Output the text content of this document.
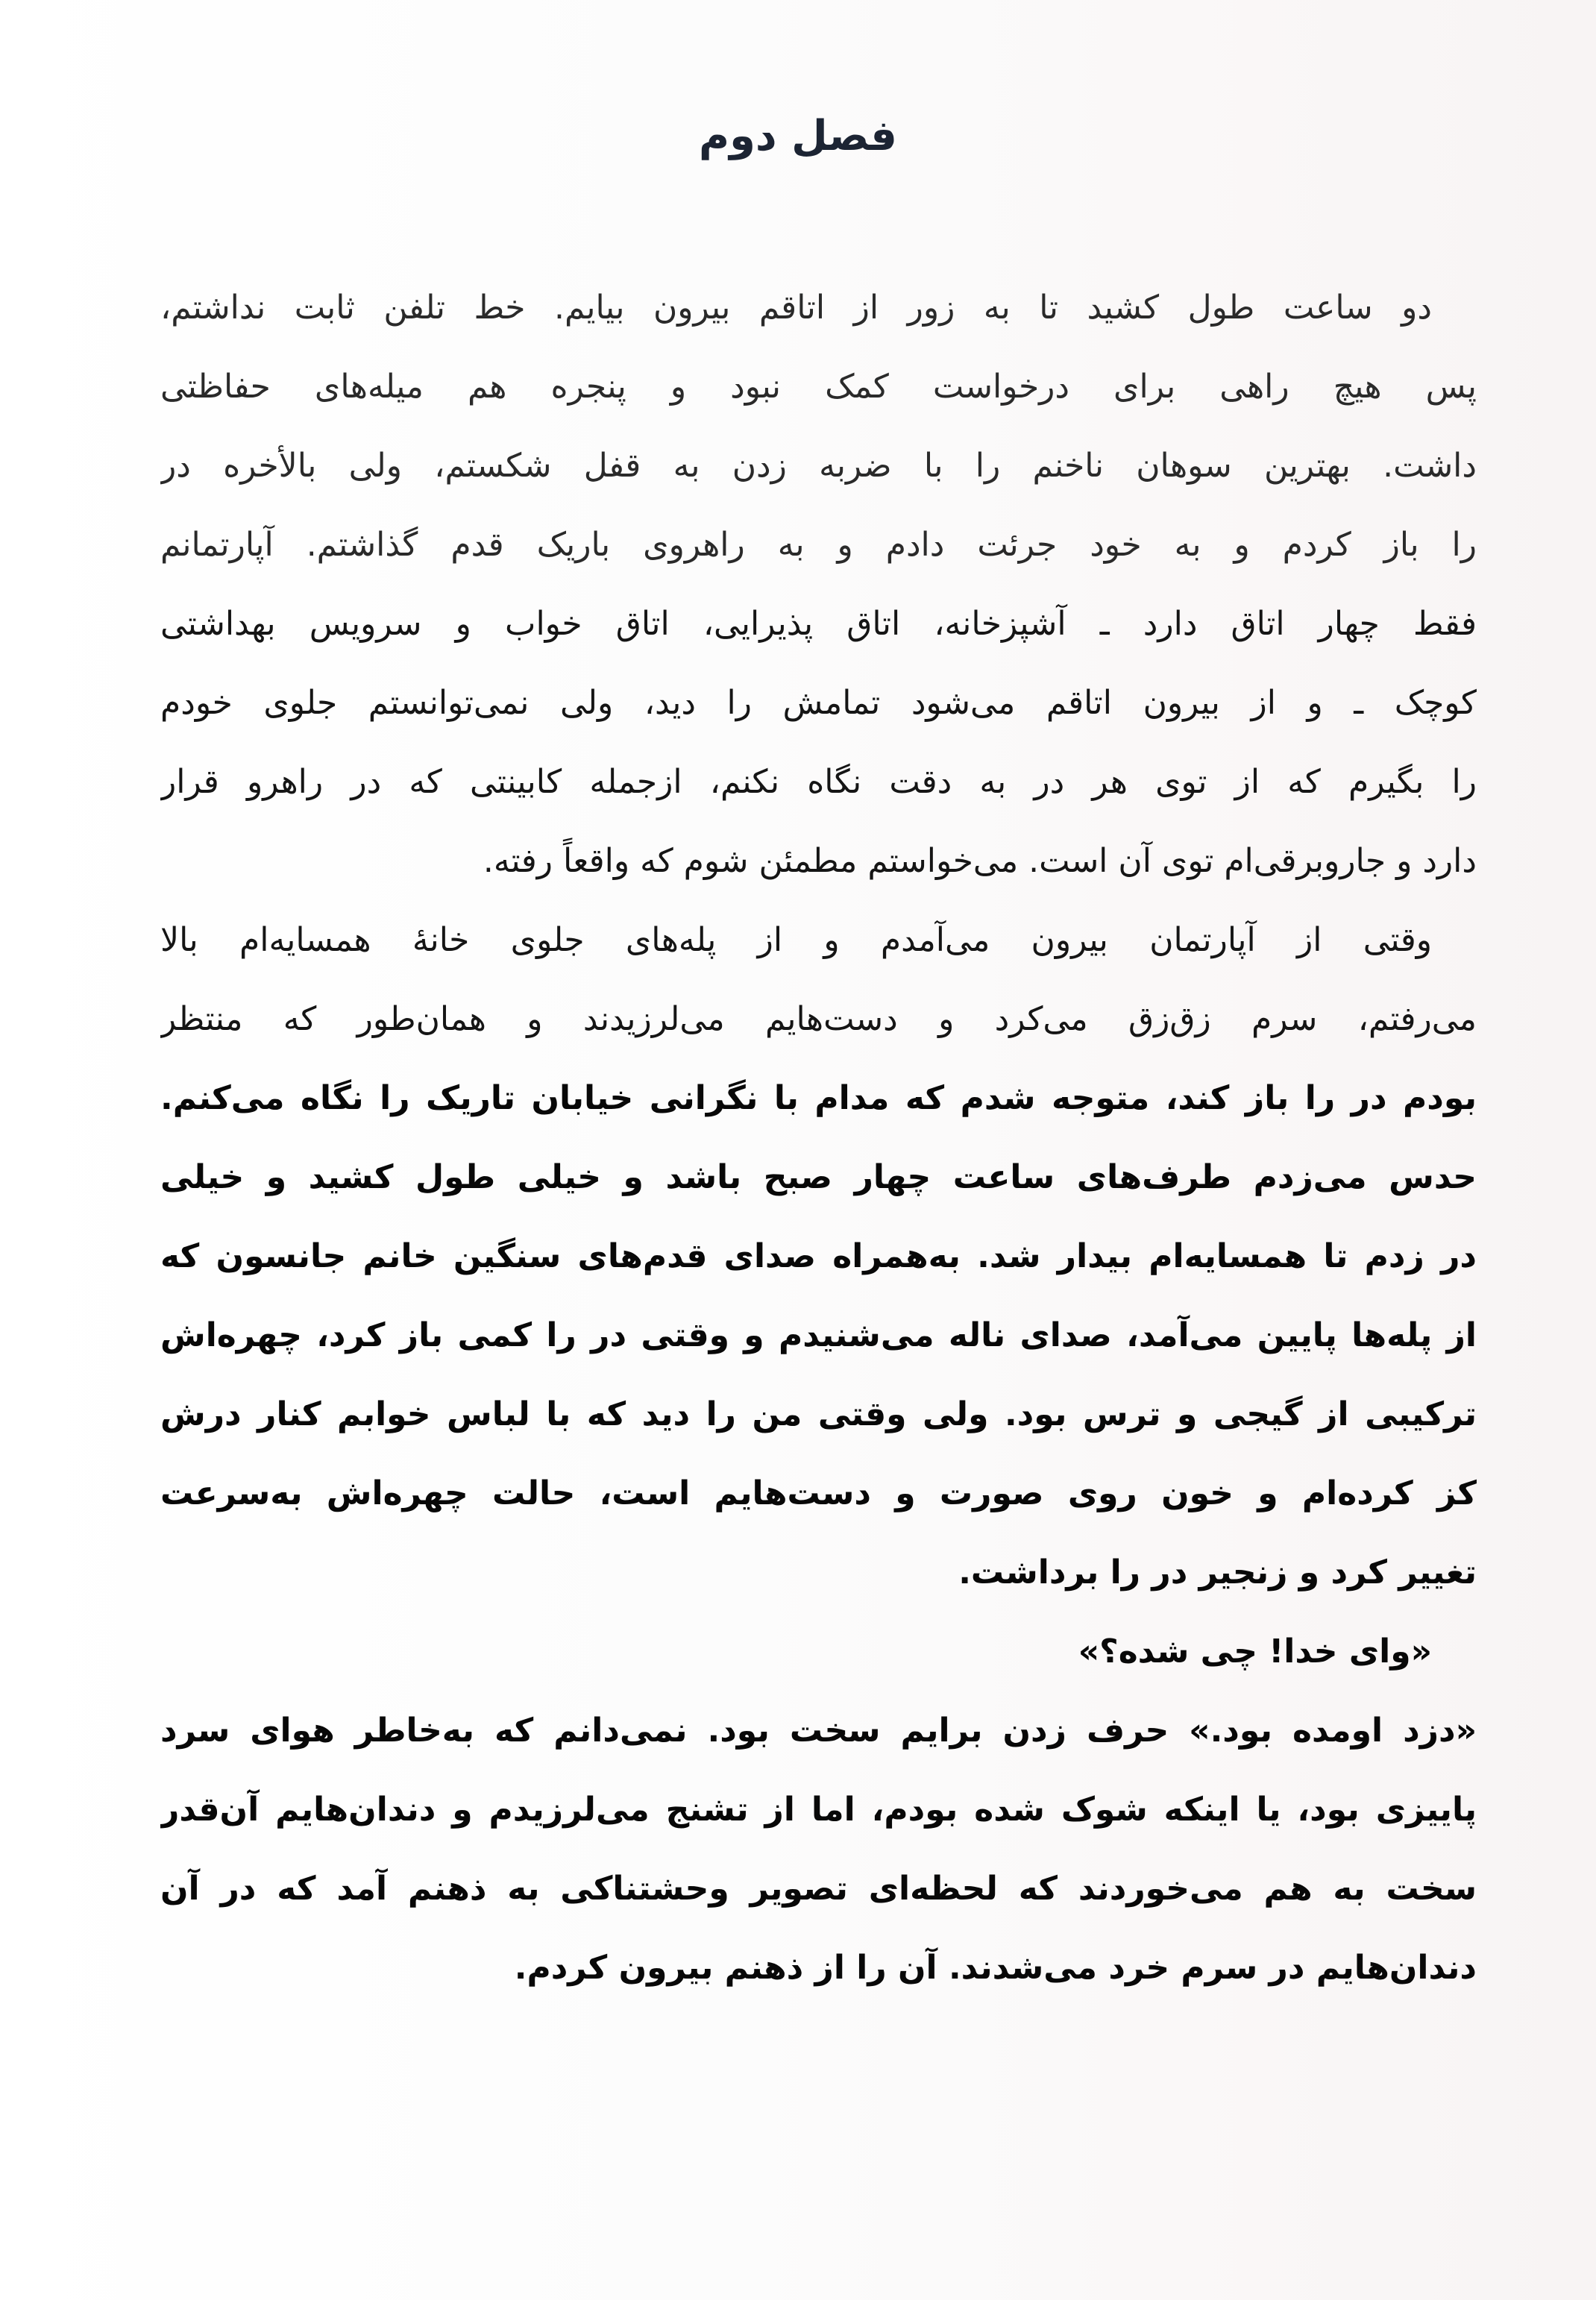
فصل دوم
دو ساعت طول کشید تا به زور از اتاقم بیرون بیایم. خط تلفن ثابت نداشتم،
پس هیچ راهی برای درخواست کمک نبود و پنجره هم میله‌های حفاظتی
داشت. بهترین سوهان ناخنم را با ضربه زدن به قفل شکستم، ولی بالأخره در
را باز کردم و به خود جرئت دادم و به راهروی باریک قدم گذاشتم. آپارتمانم
فقط چهار اتاق دارد ـ آشپزخانه، اتاق پذیرایی، اتاق خواب و سرویس بهداشتی
کوچک ـ و از بیرون اتاقم می‌شود تمامش را دید، ولی نمی‌توانستم جلوی خودم
را بگیرم که از توی هر در به دقت نگاه نکنم، ازجمله کابینتی که در راهرو قرار
دارد و جاروبرقی‌ام توی آن است. می‌خواستم مطمئن شوم که واقعاً رفته.
وقتی از آپارتمان بیرون می‌آمدم و از پله‌های جلوی خانهٔ همسایه‌ام بالا
می‌رفتم، سرم زق‌زق می‌کرد و دست‌هایم می‌لرزیدند و همان‌طور که منتظر
بودم در را باز کند، متوجه شدم که مدام با نگرانی خیابان تاریک را نگاه می‌کنم.
حدس می‌زدم طرف‌های ساعت چهار صبح باشد و خیلی طول کشید و خیلی
در زدم تا همسایه‌ام بیدار شد. به‌همراه صدای قدم‌های سنگین خانم جانسون که
از پله‌ها پایین می‌آمد، صدای ناله می‌شنیدم و وقتی در را کمی باز کرد، چهره‌اش
ترکیبی از گیجی و ترس بود. ولی وقتی من را دید که با لباس خوابم کنار درش
کز کرده‌ام و خون روی صورت و دست‌هایم است، حالت چهره‌اش به‌سرعت
تغییر کرد و زنجیر در را برداشت.
«وای خدا! چی شده؟»
«دزد اومده بود.» حرف زدن برایم سخت بود. نمی‌دانم که به‌خاطر هوای سرد
پاییزی بود، یا اینکه شوک شده بودم، اما از تشنج می‌لرزیدم و دندان‌هایم آن‌قدر
سخت به هم می‌خوردند که لحظه‌ای تصویر وحشتناکی به ذهنم آمد که در آن
دندان‌هایم در سرم خرد می‌شدند. آن را از ذهنم بیرون کردم.
